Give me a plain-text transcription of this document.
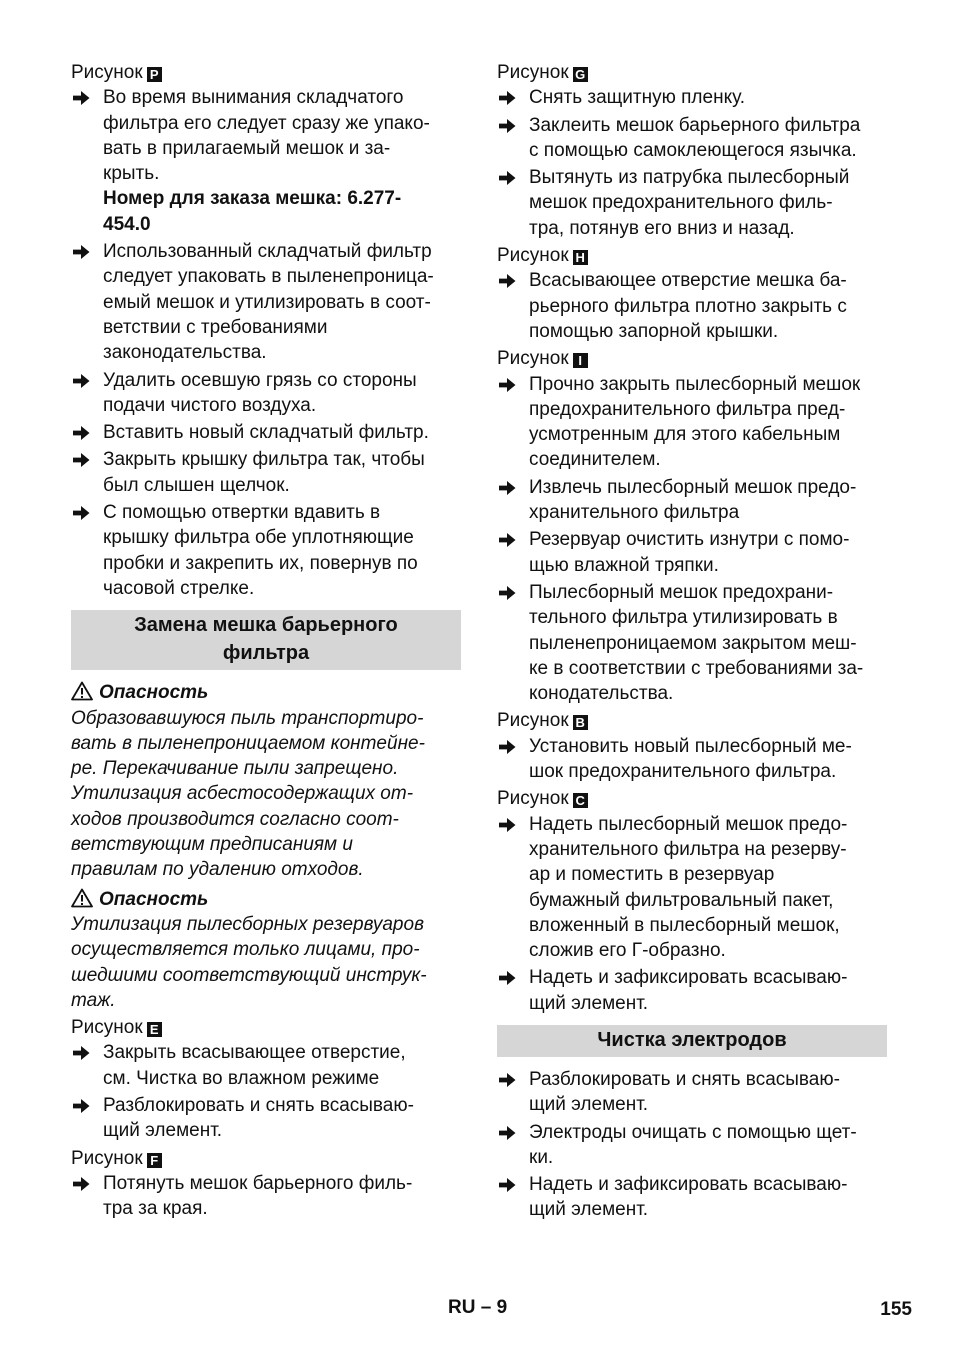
Рисунок P
Во время вынимания складчатого
фильтра его следует сразу же упако-
вать в прилагаемый мешок и за-
крыть.
Номер для заказа мешка: 6.277-
454.0
Использованный складчатый фильтр
следует упаковать в пыленепроница-
емый мешок и утилизировать в соот-
ветствии с требованиями
законодательства.
Удалить осевшую грязь со стороны
подачи чистого воздуха.
Вставить новый складчатый фильтр.
Закрыть крышку фильтра так, чтобы
был слышен щелчок.
С помощью отвертки вдавить в
крышку фильтра обе уплотняющие
пробки и закрепить их, повернув по
часовой стрелке.
Замена мешка барьерного
фильтра
Опасность
Образовавшуюся пыль транспортиро-
вать в пыленепроницаемом контейне-
ре. Перекачивание пыли запрещено.
Утилизация асбестосодержащих от-
ходов производится согласно соот-
ветствующим предписаниям и
правилам по удалению отходов.
Опасность
Утилизация пылесборных резервуаров
осуществляется только лицами, про-
шедшими соответствующий инструк-
таж.
Рисунок E
Закрыть всасывающее отверстие,
см. Чистка во влажном режиме
Разблокировать и снять всасываю-
щий элемент.
Рисунок F
Потянуть мешок барьерного филь-
тра за края.
Рисунок G
Снять защитную пленку.
Заклеить мешок барьерного фильтра
с помощью самоклеющегося язычка.
Вытянуть из патрубка пылесборный
мешок предохранительного филь-
тра, потянув его вниз и назад.
Рисунок H
Всасывающее отверстие мешка ба-
рьерного фильтра плотно закрыть с
помощью запорной крышки.
Рисунок I
Прочно закрыть пылесборный мешок
предохранительного фильтра пред-
усмотренным для этого кабельным
соединителем.
Извлечь пылесборный мешок предо-
хранительного фильтра
Резервуар очистить изнутри с помо-
щью влажной тряпки.
Пылесборный мешок предохрани-
тельного фильтра утилизировать в
пыленепроницаемом закрытом меш-
ке в соответствии с требованиями за-
конодательства.
Рисунок B
Установить новый пылесборный ме-
шок предохранительного фильтра.
Рисунок C
Надеть пылесборный мешок предо-
хранительного фильтра на резерву-
ар и поместить в резервуар
бумажный фильтровальный пакет,
вложенный в пылесборный мешок,
сложив его Г-образно.
Надеть и зафиксировать всасываю-
щий элемент.
Чистка электродов
Разблокировать и снять всасываю-
щий элемент.
Электроды очищать с помощью щет-
ки.
Надеть и зафиксировать всасываю-
щий элемент.
RU – 9	155
